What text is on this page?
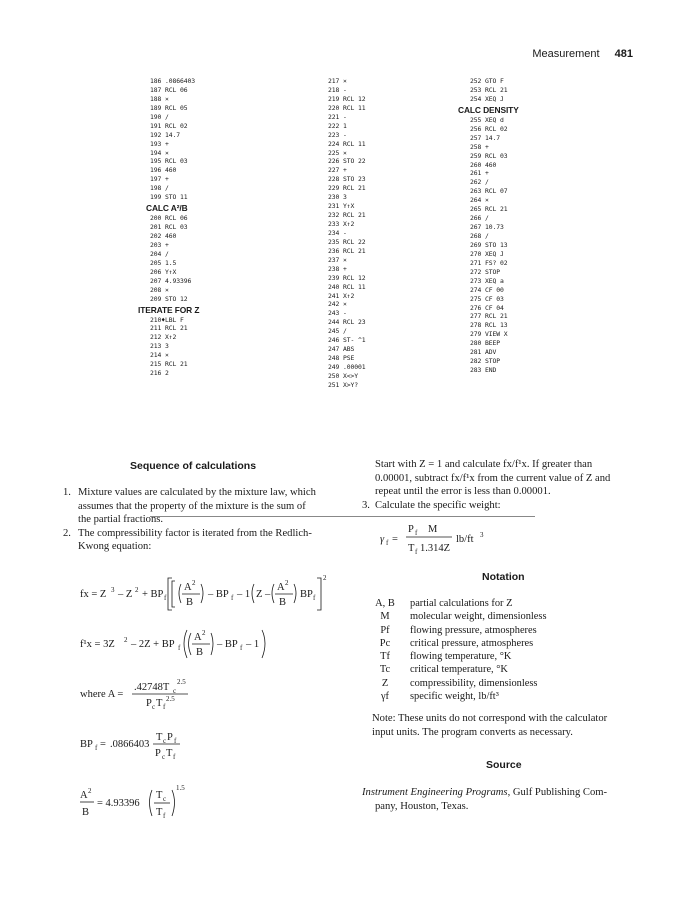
Measurement 481
186 .0866403
187 RCL 06
188 ×
189 RCL 05
190 /
191 RCL 02
192 14.7
193 +
194 ×
195 RCL 03
196 460
197 +
198 /
199 STO 11
CALC A²/B
200 RCL 06
201 RCL 03
202 460
203 +
204 /
205 1.5
206 Y↑X
207 4.93396
208 ×
209 STO 12
ITERATE FOR Z
210♦LBL F
211 RCL 21
212 X↑2
213 3
214 ×
215 RCL 21
216 2
217 ×
218 -
219 RCL 12
220 RCL 11
221 -
222 1
223 -
224 RCL 11
225 ×
226 STO 22
227 +
228 STO 23
229 RCL 21
230 3
231 Y↑X
232 RCL 21
233 X↑2
234 -
235 RCL 22
236 RCL 21
237 ×
238 +
239 RCL 12
240 RCL 11
241 X↑2
242 ×
243 -
244 RCL 23
245 /
246 ST- ^1
247 ABS
248 PSE
249 .00001
250 X<>Y
251 X>Y?
252 GTO F
253 RCL 21
254 XEQ J
CALC DENSITY
255 XEQ d
256 RCL 02
257 14.7
258 +
259 RCL 03
260 460
261 +
262 /
263 RCL 07
264 ×
265 RCL 21
266 /
267 10.73
268 /
269 STO 13
270 XEQ J
271 FS? 02
272 STOP
273 XEQ a
274 CF 00
275 CF 03
276 CF 04
277 RCL 21
278 RCL 13
279 VIEW X
280 BEEP
281 ADV
282 STOP
283 END
Sequence of calculations
1. Mixture values are calculated by the mixture law, which
assumes that the property of the mixture is the sum of
the partial fractions.
2. The compressibility factor is iterated from the Redlich-
Kwong equation:
fx = Z 3 – Z 2 + BP f
A 2
B
– BP f – 1 Z –
A 2
B
BP f
2
f¹x = 3Z 2 – 2Z + BP f
A 2
B
– BP f – 1
where A =
.42748T c
2.5
P c T f
2.5
BP f = .0866403
T c P f
P c T f
A 2
B
= 4.93396
T c
T f
1.5
Start with Z = 1 and calculate fx/f¹x. If greater than
0.00001, subtract fx/f¹x from the current value of Z and
repeat until the error is less than 0.00001.
3. Calculate the specific weight:
γ f =
P f M
T f 1.314Z
lb/ft 3
Notation
A, B partial calculations for Z
M molecular weight, dimensionless
Pf flowing pressure, atmospheres
Pc critical pressure, atmospheres
Tf flowing temperature, °K
Tc critical temperature, °K
Z compressibility, dimensionless
γf specific weight, lb/ft³
Note: These units do not correspond with the calculator
input units. The program converts as necessary.
Source
Instrument Engineering Programs, Gulf Publishing Com-
pany, Houston, Texas.
